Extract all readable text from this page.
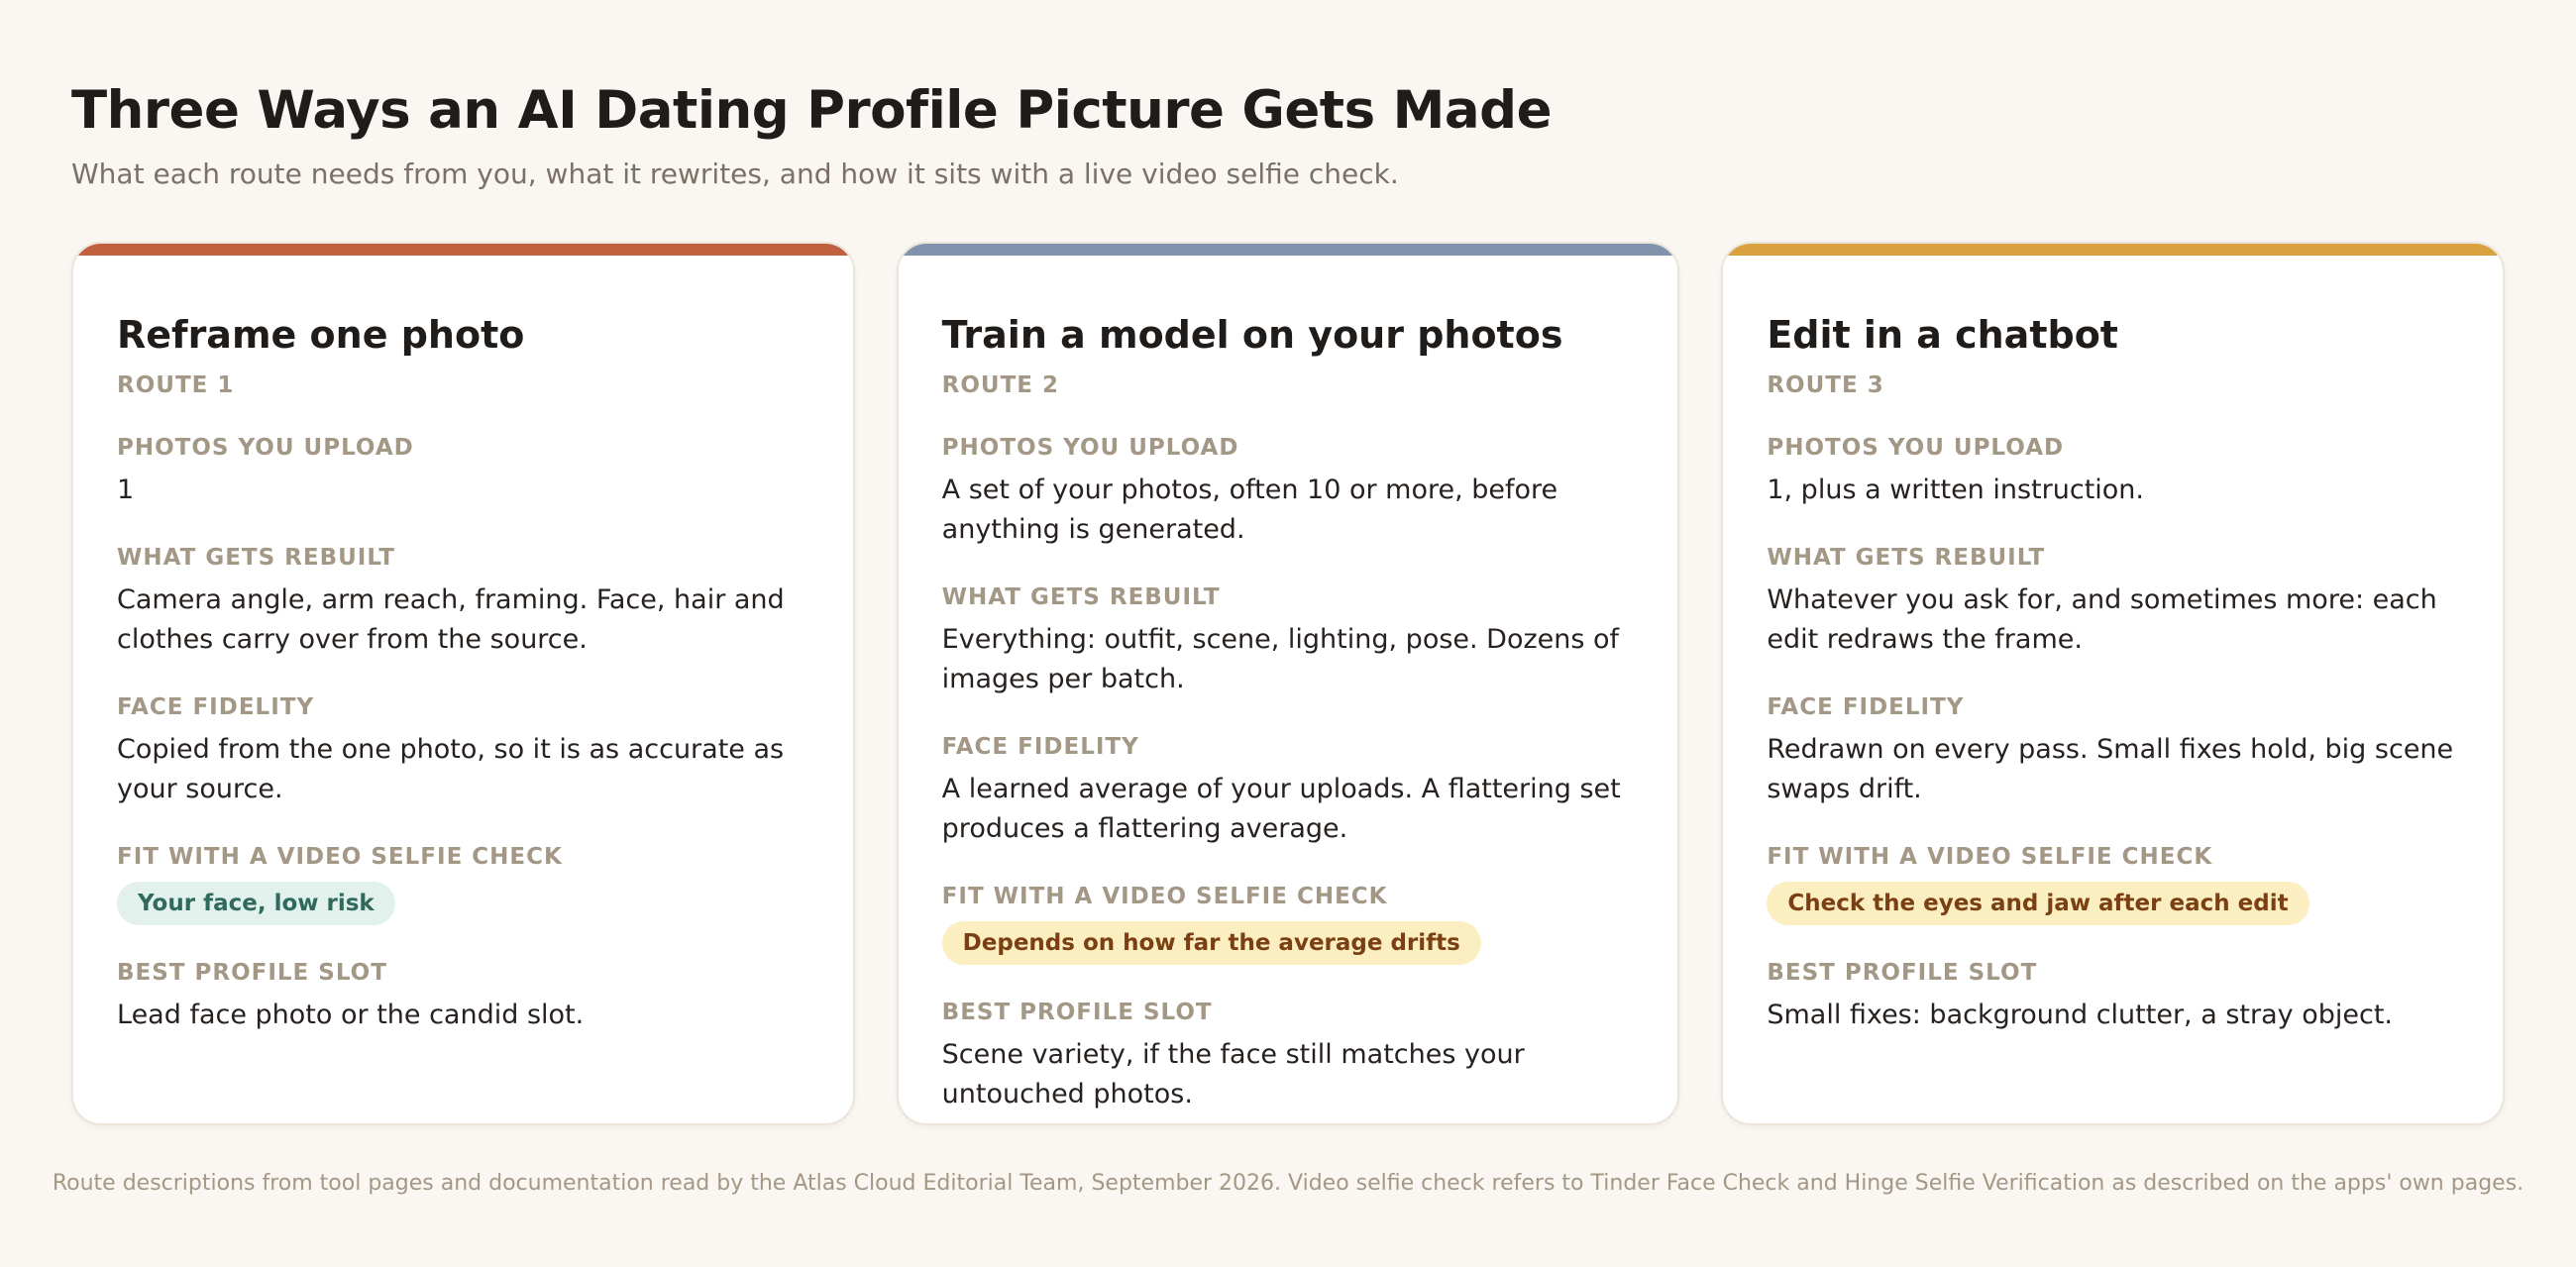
Three Ways an AI Dating Profile Picture Gets Made

What each route needs from you, what it rewrites, and how it sits with a live video selfie check.

Reframe one photo
ROUTE 1
PHOTOS YOU UPLOAD
1
WHAT GETS REBUILT
Camera angle, arm reach, framing. Face, hair and clothes carry over from the source.
FACE FIDELITY
Copied from the one photo, so it is as accurate as your source.
FIT WITH A VIDEO SELFIE CHECK
Your face, low risk
BEST PROFILE SLOT
Lead face photo or the candid slot.
Train a model on your photos
ROUTE 2
PHOTOS YOU UPLOAD
A set of your photos, often 10 or more, before anything is generated.
WHAT GETS REBUILT
Everything: outfit, scene, lighting, pose. Dozens of images per batch.
FACE FIDELITY
A learned average of your uploads. A flattering set produces a flattering average.
FIT WITH A VIDEO SELFIE CHECK
Depends on how far the average drifts
BEST PROFILE SLOT
Scene variety, if the face still matches your untouched photos.
Edit in a chatbot
ROUTE 3
PHOTOS YOU UPLOAD
1, plus a written instruction.
WHAT GETS REBUILT
Whatever you ask for, and sometimes more: each edit redraws the frame.
FACE FIDELITY
Redrawn on every pass. Small fixes hold, big scene swaps drift.
FIT WITH A VIDEO SELFIE CHECK
Check the eyes and jaw after each edit
BEST PROFILE SLOT
Small fixes: background clutter, a stray object.

Route descriptions from tool pages and documentation read by the Atlas Cloud Editorial Team, September 2026. Video selfie check refers to Tinder Face Check and Hinge Selfie Verification as described on the apps' own pages.
